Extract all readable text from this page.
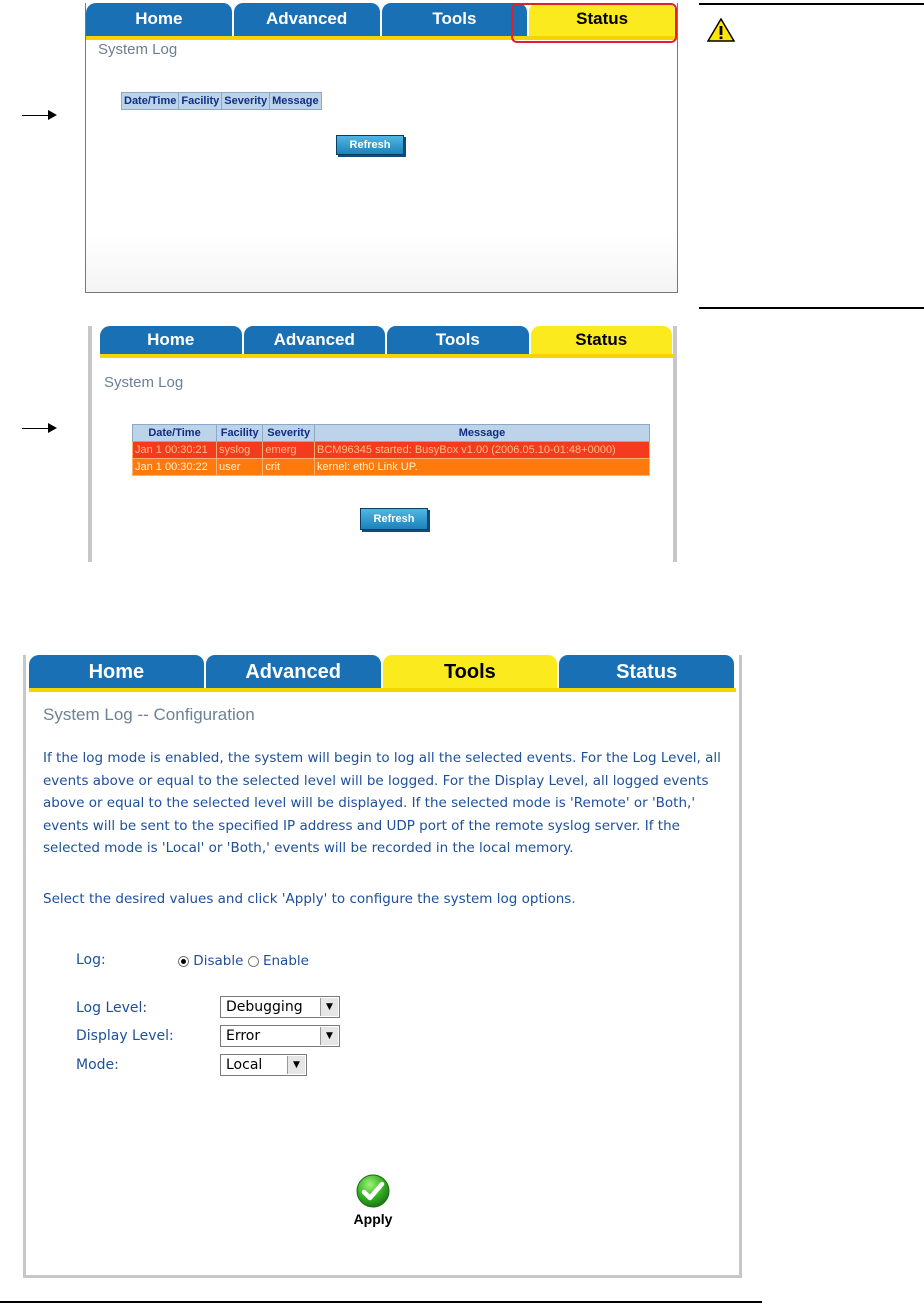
Home	Advanced	Tools	Status
System Log
Date/Time	Facility	Severity	Message
Refresh
Home	Advanced	Tools	Status
System Log
Date/Time	Facility	Severity	Message
Jan 1 00:30:21	syslog	emerg	BCM96345 started: BusyBox v1.00 (2006.05.10-01:48+0000)
Jan 1 00:30:22	user	crit	kernel: eth0 Link UP.
Refresh
Home	Advanced	Tools	Status
System Log -- Configuration
If the log mode is enabled, the system will begin to log all the selected events. For the Log Level, all events above or equal to the selected level will be logged. For the Display Level, all logged events above or equal to the selected level will be displayed. If the selected mode is 'Remote' or 'Both,' events will be sent to the specified IP address and UDP port of the remote syslog server. If the selected mode is 'Local' or 'Both,' events will be recorded in the local memory.
Select the desired values and click 'Apply' to configure the system log options.
Log:	Disable Enable
Log Level:	Debugging	▼
Display Level:	Error	▼
Mode:	Local	▼
Apply
